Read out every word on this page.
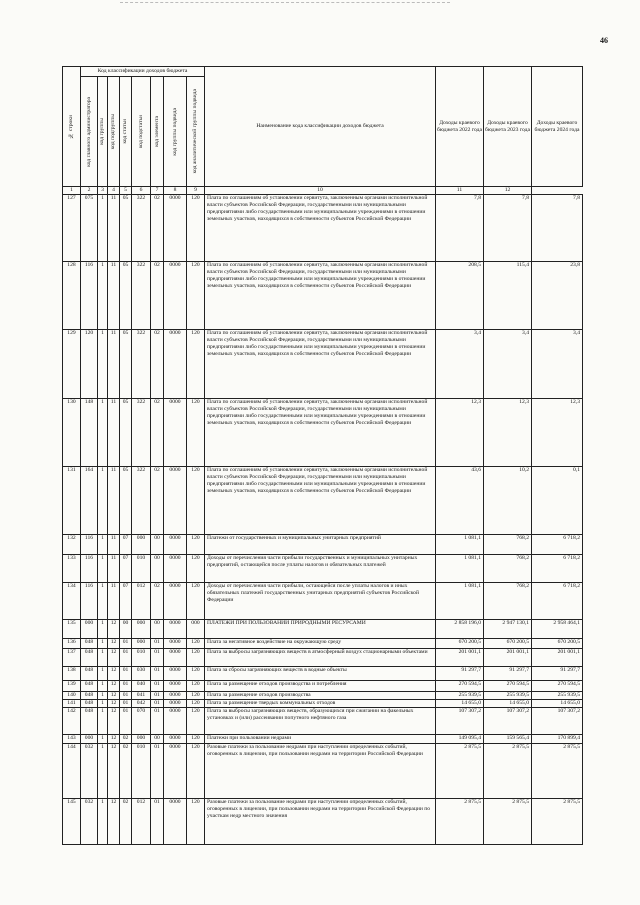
46
№ строки	Код классификации доходов бюджета								Наименование кода классификации доходов бюджета	Доходы краевого бюджета 2022 года	Доходы краевого бюджета 2023 года	Доходы краевого бюджета 2024 года

	код главного администратора	код группы	код подгруппы	код статьи	код подстатьи	код элемента	код группы подвида	код аналитической группы подвида				

1	2	3	4	5	6	7	8	9	10	11	12	
127	075	1	11	05	322	02	0000	120	Плата по соглашениям об установлении сервитута, заключенным органами исполнительной власти субъектов Российской Федерации, государственными или муниципальными предприятиями либо государственными или муниципальными учреждениями в отношении земельных участков, находящихся в собственности субъектов Российской Федерации	7,8	7,8	7,8
128	116	1	11	05	322	02	0000	120	Плата по соглашениям об установлении сервитута, заключенным органами исполнительной власти субъектов Российской Федерации, государственными или муниципальными предприятиями либо государственными или муниципальными учреждениями в отношении земельных участков, находящихся в собственности субъектов Российской Федерации	208,5	115,4	23,8
129	120	1	11	05	322	02	0000	120	Плата по соглашениям об установлении сервитута, заключенным органами исполнительной власти субъектов Российской Федерации, государственными или муниципальными предприятиями либо государственными или муниципальными учреждениями в отношении земельных участков, находящихся в собственности субъектов Российской Федерации	3,4	3,4	3,4
130	148	1	11	05	322	02	0000	120	Плата по соглашениям об установлении сервитута, заключенным органами исполнительной власти субъектов Российской Федерации, государственными или муниципальными предприятиями либо государственными или муниципальными учреждениями в отношении земельных участков, находящихся в собственности субъектов Российской Федерации	12,3	12,3	12,3
131	164	1	11	05	322	02	0000	120	Плата по соглашениям об установлении сервитута, заключенным органами исполнительной власти субъектов Российской Федерации, государственными или муниципальными предприятиями либо государственными или муниципальными учреждениями в отношении земельных участков, находящихся в собственности субъектов Российской Федерации	43,6	10,2	0,1
132	116	1	11	07	000	00	0000	120	Платежи от государственных и муниципальных унитарных предприятий	1 081,1	768,2	6 718,2
133	116	1	11	07	010	00	0000	120	Доходы от перечисления части прибыли государственных и муниципальных унитарных предприятий, остающейся после уплаты налогов и обязательных платежей	1 081,1	768,2	6 718,2
134	116	1	11	07	012	02	0000	120	Доходы от перечисления части прибыли, остающейся после уплаты налогов и иных обязательных платежей государственных унитарных предприятий субъектов Российской Федерации	1 081,1	768,2	6 718,2
135	000	1	12	00	000	00	0000	000	ПЛАТЕЖИ ПРИ ПОЛЬЗОВАНИИ ПРИРОДНЫМИ РЕСУРСАМИ	2 858 196,0	2 947 130,1	2 958 464,1
136	048	1	12	01	000	01	0000	120	Плата за негативное воздействие на окружающую среду	670 200,5	670 200,5	670 200,5
137	048	1	12	01	010	01	0000	120	Плата за выбросы загрязняющих веществ в атмосферный воздух стационарными объектами	201 001,1	201 001,1	201 001,1
138	048	1	12	01	030	01	0000	120	Плата за сбросы загрязняющих веществ в водные объекты	91 297,7	91 297,7	91 297,7
139	048	1	12	01	040	01	0000	120	Плата за размещение отходов производства и потребления	270 594,5	270 594,5	270 594,5
140	048	1	12	01	041	01	0000	120	Плата за размещение отходов производства	255 939,5	255 939,5	255 939,5
141	048	1	12	01	042	01	0000	120	Плата за размещение твердых коммунальных отходов	14 655,0	14 655,0	14 655,0
142	048	1	12	01	070	01	0000	120	Плата за выбросы загрязняющих веществ, образующихся при сжигании на факельных установках и (или) рассеивании попутного нефтяного газа	107 307,2	107 307,2	107 307,2
143	000	1	12	02	000	00	0000	120	Платежи при пользовании недрами	149 095,4	159 565,4	170 899,4
144	032	1	12	02	010	01	0000	120	Разовые платежи за пользование недрами при наступлении определенных событий, оговоренных в лицензии, при пользовании недрами на территории Российской Федерации	2 875,5	2 875,5	2 875,5
145	032	1	12	02	012	01	0000	120	Разовые платежи за пользование недрами при наступлении определенных событий, оговоренных в лицензии, при пользовании недрами на территории Российской Федерации по участкам недр местного значения	2 875,5	2 875,5	2 875,5
